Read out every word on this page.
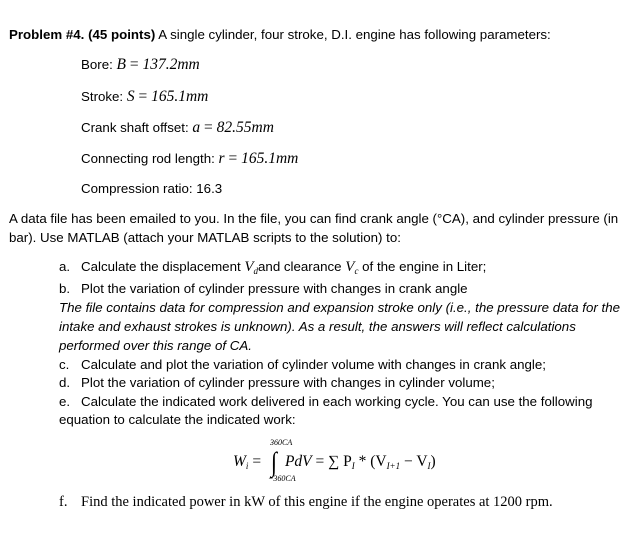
Problem #4. (45 points) A single cylinder, four stroke, D.I. engine has following parameters:
Bore: B = 137.2mm
Stroke: S = 165.1mm
Crank shaft offset: a = 82.55mm
Connecting rod length: r = 165.1mm
Compression ratio: 16.3
A data file has been emailed to you. In the file, you can find crank angle (°CA), and cylinder pressure (in
bar). Use MATLAB (attach your MATLAB scripts to the solution) to:
a. Calculate the displacement $V_dand$ clearance $V_c$ of the engine in Liter;
b. Plot the variation of cylinder pressure with changes in crank angle
The file contains data for compression and expansion stroke only (i.e., the pressure data for the
intake and exhaust strokes is unknown). As a result, the answers will reflect calculations
performed over this range of CA.
c. Calculate and plot the variation of cylinder volume with changes in crank angle;
d. Plot the variation of cylinder pressure with changes in cylinder volume;
e. Calculate the indicated work delivered in each working cycle. You can use the following
equation to calculate the indicated work:
360CA
$W_i$ = ∫ PdV = ∑ $P_I * (V_{I+1} - V_I)$
−360CA
f. Find the indicated power in kW of this engine if the engine operates at 1200 rpm.
